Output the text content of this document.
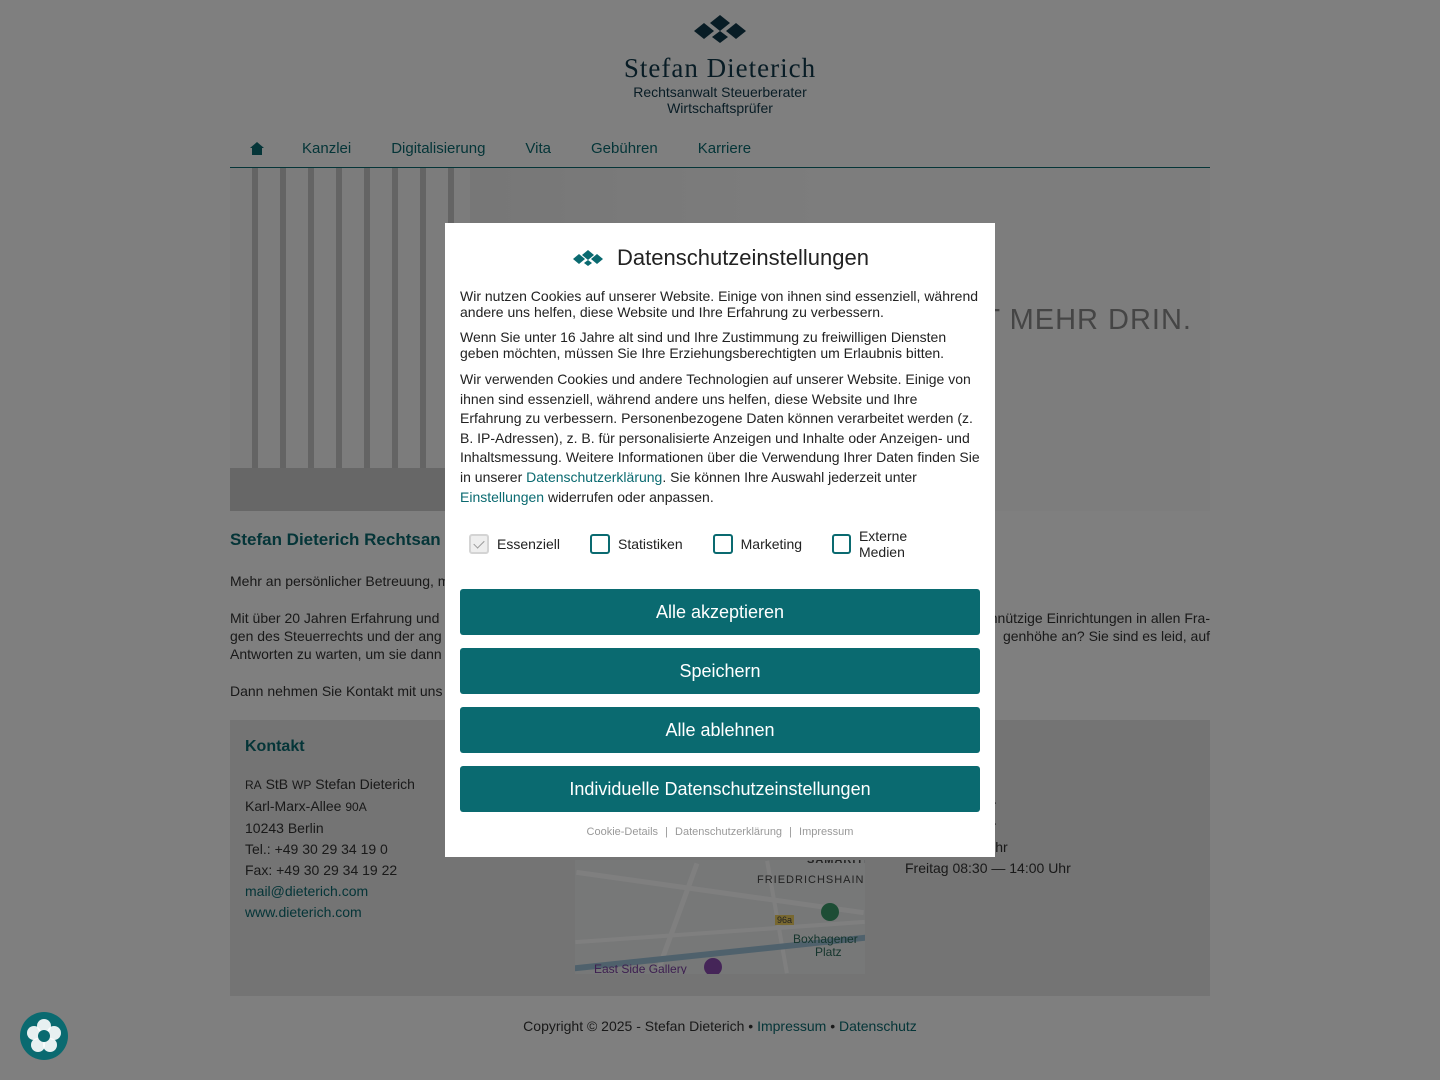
Datenschutzeinstellungen

Wir nutzen Cookies auf unserer Website. Einige von ihnen sind essenziell, während andere uns helfen, diese Website und Ihre Erfahrung zu verbessern.

Wenn Sie unter 16 Jahre alt sind und Ihre Zustimmung zu freiwilligen Diensten geben möchten, müssen Sie Ihre Erziehungsberechtigten um Erlaubnis bitten.

Wir verwenden Cookies und andere Technologien auf unserer Website. Einige von ihnen sind essenziell, während andere uns helfen, diese Website und Ihre Erfahrung zu verbessern. Personenbezogene Daten können verarbeitet werden (z. B. IP-Adressen), z. B. für personalisierte Anzeigen und Inhalte oder Anzeigen- und Inhaltsmessung. Weitere Informationen über die Verwendung Ihrer Daten finden Sie in unserer Datenschutzerklärung. Sie können Ihre Auswahl jederzeit unter Einstellungen widerrufen oder anpassen.

Essenziell	Statistiken	Marketing	Externe Medien
Alle akzeptieren
Speichern
Alle ablehnen
Individuelle Datenschutzeinstellungen
Cookie-Details | Datenschutzerklärung | Impressum
